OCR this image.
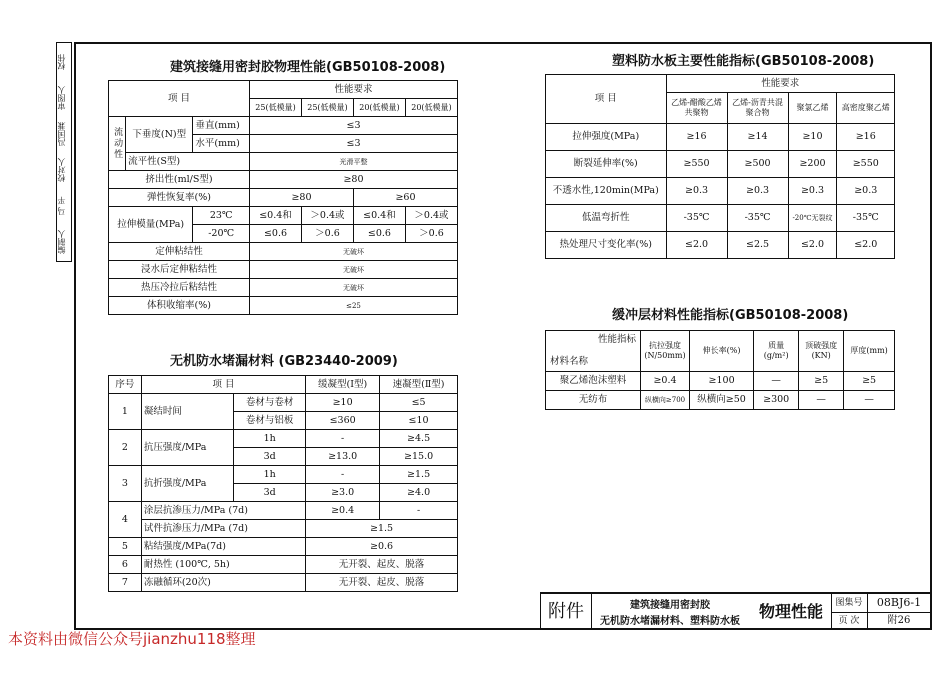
权伟
审图人
冯国兼
校对人
马 平
编制人
建筑接缝用密封胶物理性能(GB50108-2008)
项 目			性能要求			
			25(低模量)	25(低模量)	20(低模量)	20(低模量)
流动性	下垂度(N)型	垂直(mm)	≤3			
		水平(mm)	≤3			
	流平性(S型)		光滑平整			
挤出性(ml/S型)			≥80			
弹性恢复率(%)			≥80		≥60	
拉伸模量(MPa)		23℃	≤0.4和	＞0.4或	≤0.4和	＞0.4或
		-20℃	≤0.6	＞0.6	≤0.6	＞0.6
定伸粘结性			无破坏			
浸水后定伸粘结性			无破坏			
热压冷拉后粘结性			无破坏			
体积收缩率(%)			≤25			
无机防水堵漏材料 (GB23440-2009)
序号	项 目		缓凝型(Ⅰ型)	速凝型(Ⅱ型)
1	凝结时间	卷材与卷材	≥10	≤5
		卷材与铝板	≤360	≤10
2	抗压强度/MPa	1h	-	≥4.5
		3d	≥13.0	≥15.0
3	抗折强度/MPa	1h	-	≥1.5
		3d	≥3.0	≥4.0
4	涂层抗渗压力/MPa (7d)		≥0.4	-
	试件抗渗压力/MPa (7d)		≥1.5	
5	粘结强度/MPa(7d)		≥0.6	
6	耐热性 (100℃, 5h)		无开裂、起皮、脱落	
7	冻融循环(20次)		无开裂、起皮、脱落	
塑料防水板主要性能指标(GB50108-2008)
项 目	性能要求			
	乙烯-醋酸乙烯共聚物	乙烯-沥青共混聚合物	聚氯乙烯	高密度聚乙烯
拉伸强度(MPa)	≥16	≥14	≥10	≥16
断裂延伸率(%)	≥550	≥500	≥200	≥550
不透水性,120min(MPa)	≥0.3	≥0.3	≥0.3	≥0.3
低温弯折性	-35℃	-35℃	-20℃无裂纹	-35℃
热处理尺寸变化率(%)	≤2.0	≤2.5	≤2.0	≤2.0
缓冲层材料性能指标(GB50108-2008)
性能指标
材料名称	抗拉强度(N/50mm)	伸长率(%)	质量(g/m²)	顶破强度(KN)	厚度(mm)
聚乙烯泡沫塑料	≥0.4	≥100	—	≥5	≥5
无纺布	纵横向≥700	纵横向≥50	≥300	—	—
附件	建筑接缝用密封胶
无机防水堵漏材料、塑料防水板
物理性能	图集号	08BJ6-1
页 次	附26
本资料由微信公众号jianzhu118整理
